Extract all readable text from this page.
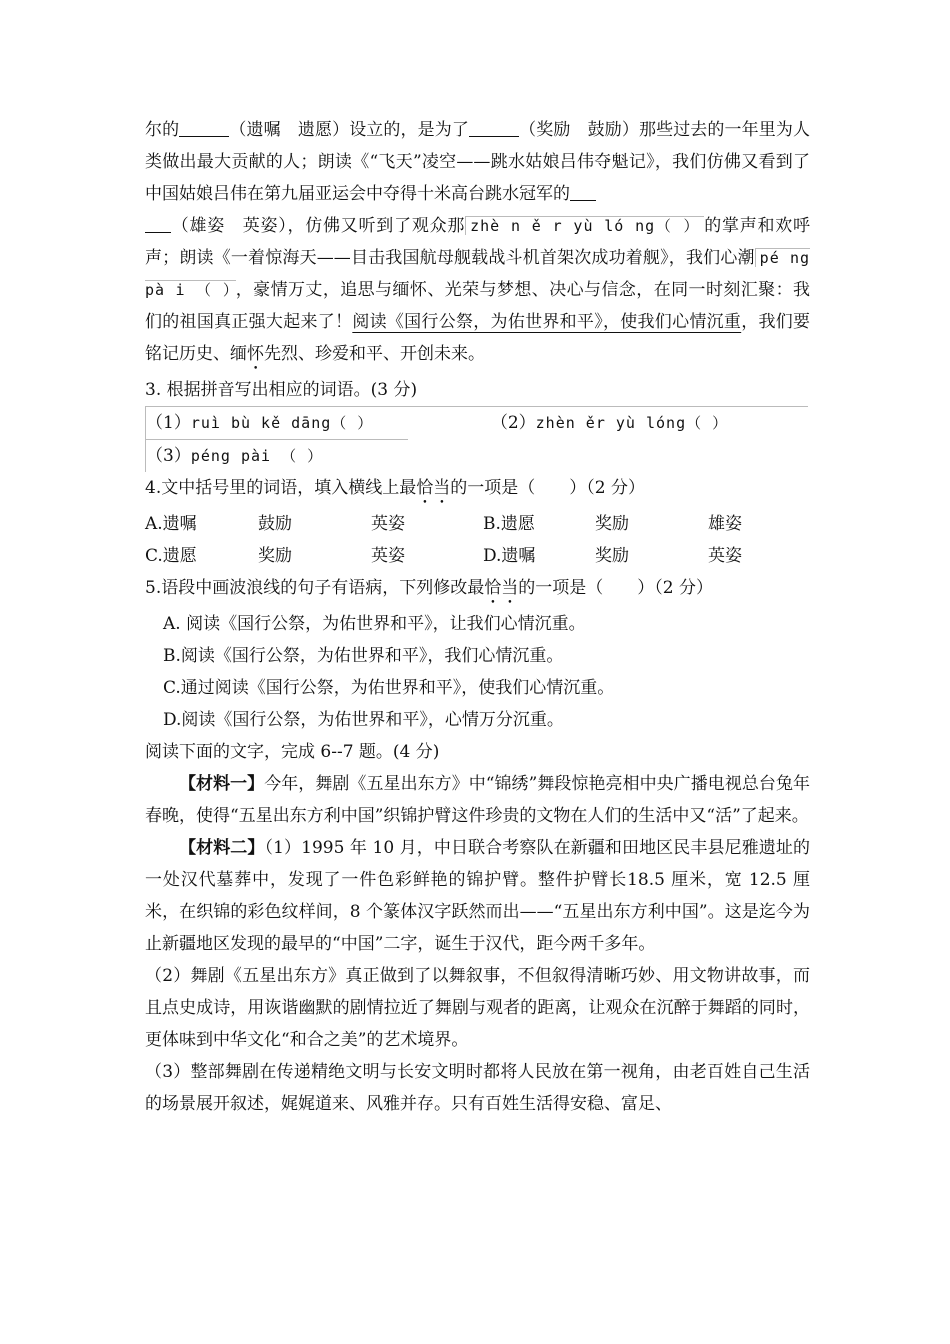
尔的	（遗嘱　遗愿）设立的，是为了	（奖励　鼓励）那些过去的一年里为人类做出最大贡献的人；朗读《“飞天”凌空——跳水姑娘吕伟夺魁记》，我们仿佛又看到了中国姑娘吕伟在第九届亚运会中夺得十米高台跳水冠军的
（雄姿　英姿），仿佛又听到了观众那 zhè n ě r yù ló ng（ ） 的掌声和欢呼声；朗读《一着惊海天——目击我国航母舰载战斗机首架次成功着舰》，我们心潮 pé ng pà i （ ） ，豪情万丈，追思与缅怀、光荣与梦想、决心与信念，在同一时刻汇聚：我们的祖国真正强大起来了！阅读《国行公祭，为佑世界和平》，使我们心情沉重，我们要铭记历史、缅怀先烈、珍爱和平、开创未来。

3. 根据拼音写出相应的词语。(3 分)

（1） ruì bù kě dāng（ ）	（2） zhèn ěr yù lóng（ ）
（3） péng pài （ ）

4.文中括号里的词语，填入横线上最恰当的一项是（　　）（2 分）

A.遗嘱	鼓励	英姿	B.遗愿	奖励	雄姿
C.遗愿	奖励	英姿	D.遗嘱	奖励	英姿

5.语段中画波浪线的句子有语病，下列修改最恰当的一项是（　　）（2 分）

A. 阅读《国行公祭，为佑世界和平》，让我们心情沉重。

B.阅读《国行公祭，为佑世界和平》，我们心情沉重。

C.通过阅读《国行公祭，为佑世界和平》，使我们心情沉重。

D.阅读《国行公祭，为佑世界和平》，心情万分沉重。

阅读下面的文字，完成 6--7 题。(4 分)

【材料一】今年，舞剧《五星出东方》中“锦绣”舞段惊艳亮相中央广播电视总台兔年春晚，使得“五星出东方利中国”织锦护臂这件珍贵的文物在人们的生活中又“活”了起来。

【材料二】（1）1995 年 10 月，中日联合考察队在新疆和田地区民丰县尼雅遗址的一处汉代墓葬中，发现了一件色彩鲜艳的锦护臂。整件护臂长18.5 厘米，宽 12.5 厘米，在织锦的彩色纹样间，8 个篆体汉字跃然而出——“五星出东方利中国”。这是迄今为止新疆地区发现的最早的“中国”二字，诞生于汉代，距今两千多年。

（2）舞剧《五星出东方》真正做到了以舞叙事，不但叙得清晰巧妙、用文物讲故事，而且点史成诗，用诙谐幽默的剧情拉近了舞剧与观者的距离，让观众在沉醉于舞蹈的同时，更体味到中华文化“和合之美”的艺术境界。

（3）整部舞剧在传递精绝文明与长安文明时都将人民放在第一视角，由老百姓自己生活的场景展开叙述，娓娓道来、风雅并存。只有百姓生活得安稳、富足、
